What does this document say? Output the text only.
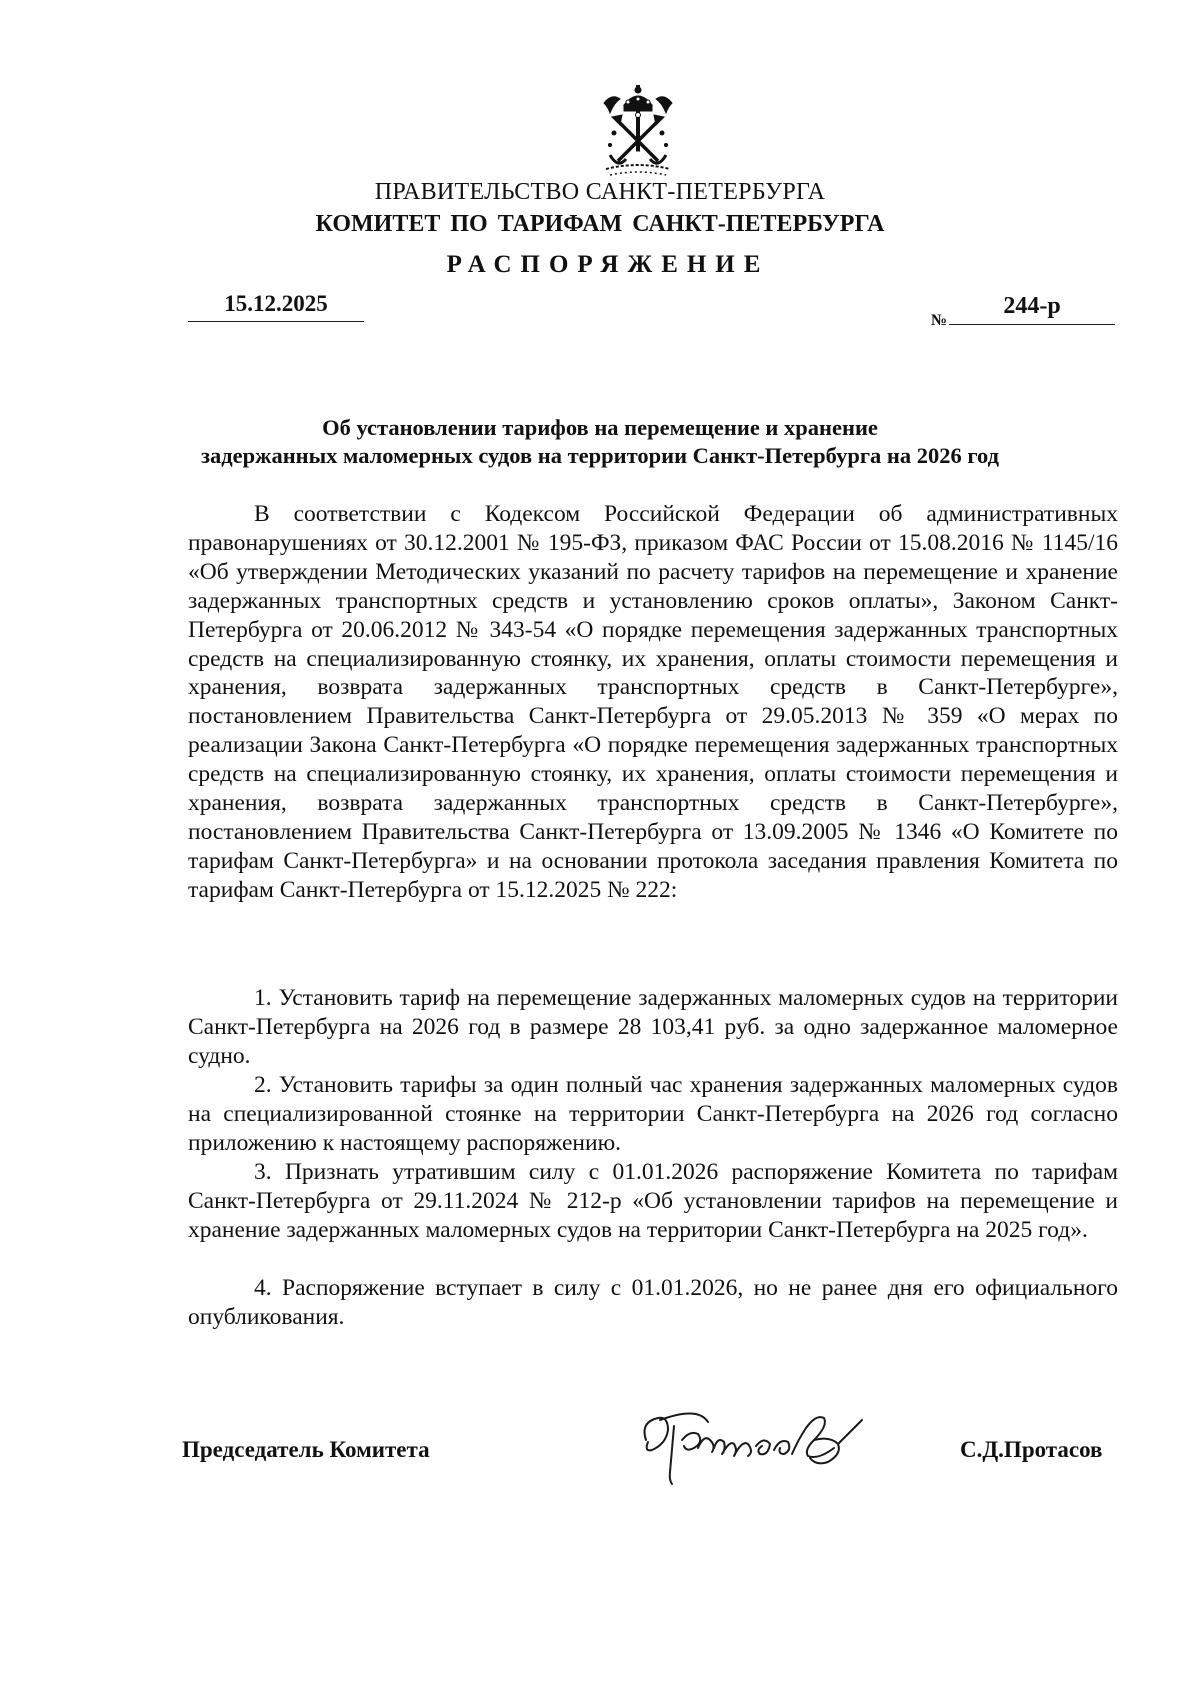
ПРАВИТЕЛЬСТВО САНКТ-ПЕТЕРБУРГА
КОМИТЕТ ПО ТАРИФАМ САНКТ-ПЕТЕРБУРГА
РАСПОРЯЖЕНИЕ
15.12.2025
№
244-р
Об установлении тарифов на перемещение и хранение
задержанных маломерных судов на территории Санкт-Петербурга на 2026 год

В соответствии с Кодексом Российской Федерации об административных правонарушениях от 30.12.2001 № 195-ФЗ, приказом ФАС России от 15.08.2016 № 1145/16 «Об утверждении Методических указаний по расчету тарифов на перемещение и хранение задержанных транспортных средств и установлению сроков оплаты», Законом Санкт-Петербурга от 20.06.2012 № 343-54 «О порядке перемещения задержанных транспортных средств на специализированную стоянку, их хранения, оплаты стоимости перемещения и хранения, возврата задержанных транспортных средств в Санкт-Петербурге», постановлением Правительства Санкт-Петербурга от 29.05.2013 № 359 «О мерах по реализации Закона Санкт-Петербурга «О порядке перемещения задержанных транспортных средств на специализированную стоянку, их хранения, оплаты стоимости перемещения и хранения, возврата задержанных транспортных средств в Санкт-Петербурге», постановлением Правительства Санкт-Петербурга от 13.09.2005 № 1346 «О Комитете по тарифам Санкт-Петербурга» и на основании протокола заседания правления Комитета по тарифам Санкт-Петербурга от 15.12.2025 № 222:

1. Установить тариф на перемещение задержанных маломерных судов на территории Санкт-Петербурга на 2026 год в размере 28 103,41 руб. за одно задержанное маломерное судно.

2. Установить тарифы за один полный час хранения задержанных маломерных судов на специализированной стоянке на территории Санкт-Петербурга на 2026 год согласно приложению к настоящему распоряжению.

3. Признать утратившим силу с 01.01.2026 распоряжение Комитета по тарифам Санкт-Петербурга от 29.11.2024 № 212-р «Об установлении тарифов на перемещение и хранение задержанных маломерных судов на территории Санкт-Петербурга на 2025 год».

4. Распоряжение вступает в силу с 01.01.2026, но не ранее дня его официального опубликования.

Председатель Комитета	С.Д.Протасов
